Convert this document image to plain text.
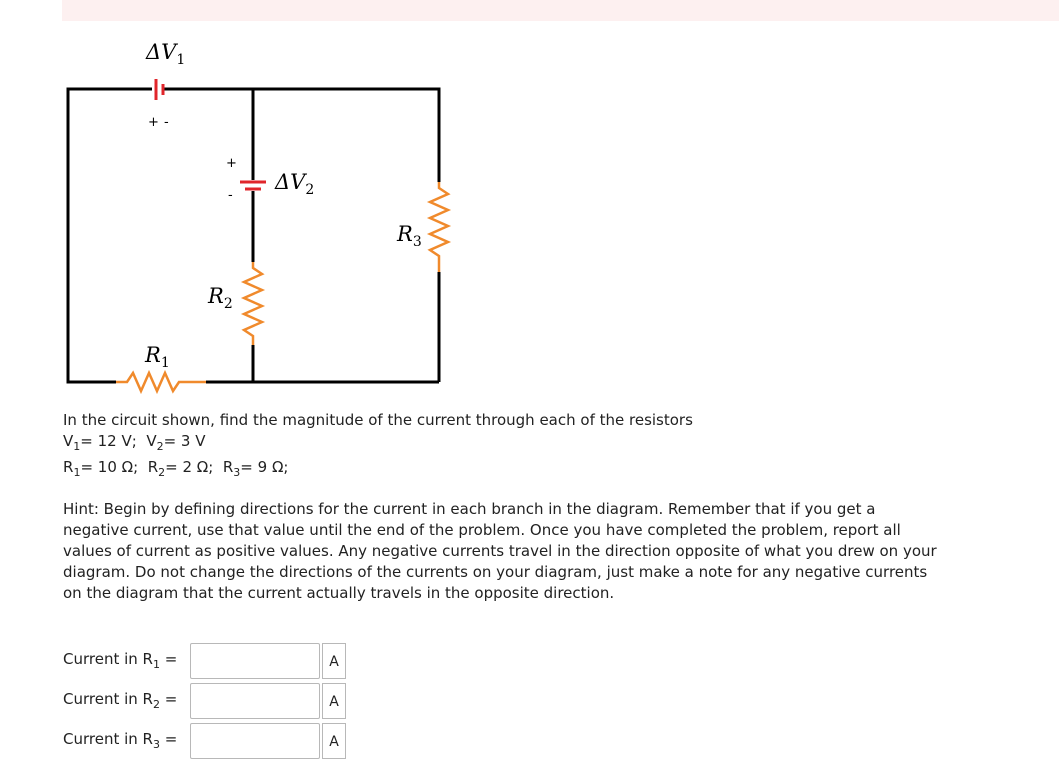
$\Delta V_1$
+ -
+
-
$\Delta V_2$
$R_1$
$R_2$
$R_3$
In the circuit shown, find the magnitude of the current through each of the resistors
$V_1= 12$ V; $V_2= 3$ V
$R_1= 10$ Ω; $R_2= 2$ Ω; $R_3= 9$ Ω;
Hint: Begin by defining directions for the current in each branch in the diagram. Remember that if you get a negative current, use that value until the end of the problem. Once you have completed the problem, report all values of current as positive values. Any negative currents travel in the direction opposite of what you drew on your diagram. Do not change the directions of the currents on your diagram, just make a note for any negative currents on the diagram that the current actually travels in the opposite direction.
Current in $R_1$ =	A
Current in $R_2$ =	A
Current in $R_3$ =	A
